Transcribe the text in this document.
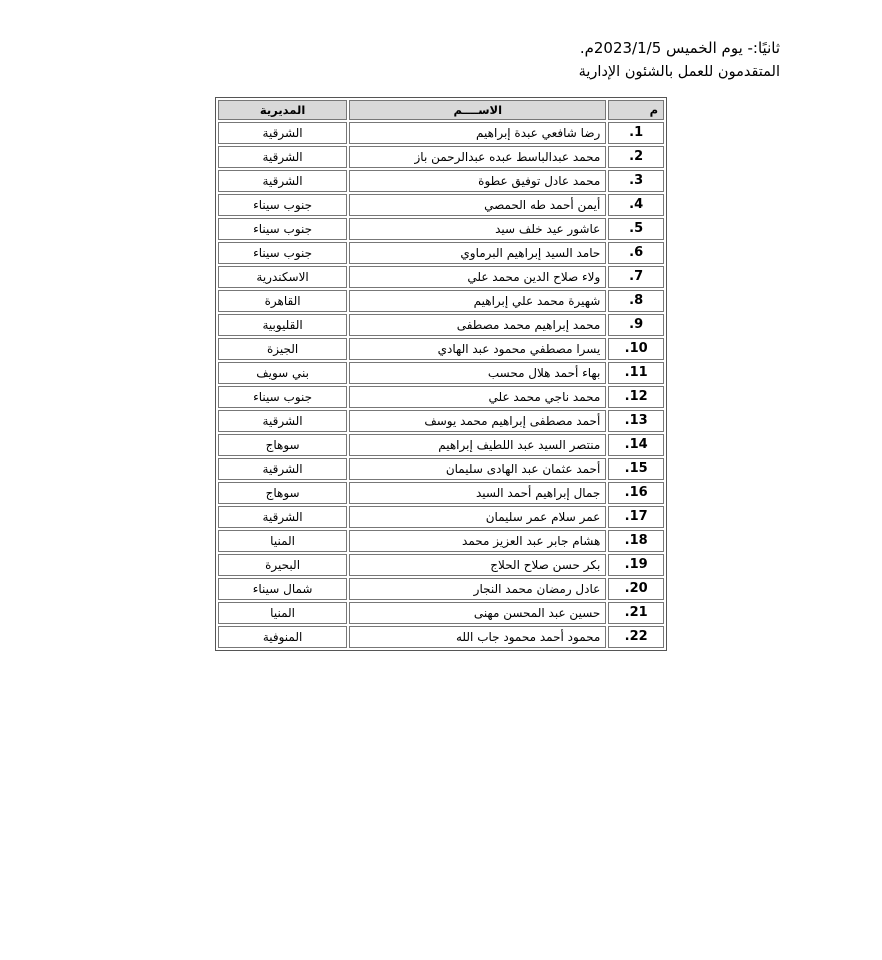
ثانيًا:- يوم الخميس 2023/1/5م.
المتقدمون للعمل بالشئون الإدارية
م	الاســــم	المديرية
1.	رضا شافعي عبدة إبراهيم	الشرقية
2.	محمد عبدالباسط عبده عبدالرحمن باز	الشرقية
3.	محمد عادل توفيق عطوة	الشرقية
4.	أيمن أحمد طه الحمصي	جنوب سيناء
5.	عاشور عيد خلف سيد	جنوب سيناء
6.	حامد السيد إبراهيم البرماوي	جنوب سيناء
7.	ولاء صلاح الدين محمد علي	الاسكندرية
8.	شهيرة محمد علي إبراهيم	القاهرة
9.	محمد إبراهيم محمد مصطفى	القليوبية
10.	يسرا مصطفي محمود عبد الهادي	الجيزة
11.	بهاء أحمد هلال محسب	بني سويف
12.	محمد ناجي محمد علي	جنوب سيناء
13.	أحمد مصطفى إبراهيم محمد يوسف	الشرقية
14.	منتصر السيد عبد اللطيف إبراهيم	سوهاج
15.	أحمد عثمان عبد الهادى سليمان	الشرقية
16.	جمال إبراهيم أحمد السيد	سوهاج
17.	عمر سلام عمر سليمان	الشرقية
18.	هشام جابر عبد العزيز محمد	المنيا
19.	بكر حسن صلاح الحلاج	البحيرة
20.	عادل رمضان محمد النجار	شمال سيناء
21.	حسين عبد المحسن مهنى	المنيا
22.	محمود أحمد محمود جاب الله	المنوفية
